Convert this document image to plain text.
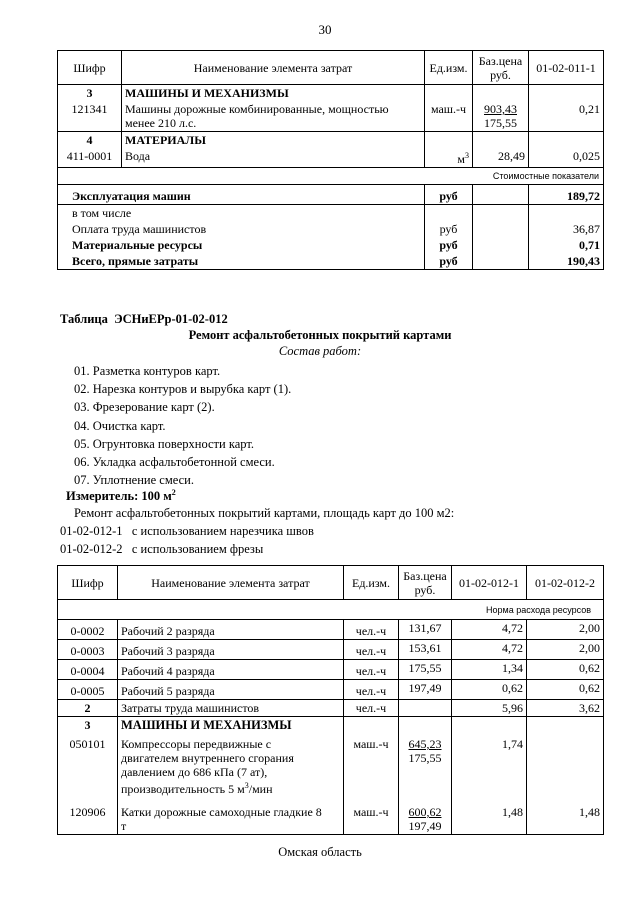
30
Шифр	Наименование элемента затрат	Ед.изм.	Баз.цена
руб.	01-02-011-1
3	МАШИНЫ И МЕХАНИЗМЫ			
121341	Машины дорожные комбинированные, мощностью
менее 210 л.с.	маш.-ч	903,43
175,55	0,21
4	МАТЕРИАЛЫ			
411-0001	Вода	$м^3$	28,49	0,025
Стоимостные показатели				
Эксплуатация машин		руб		189,72
в том числе				
Оплата труда машинистов		руб		36,87
Материальные ресурсы		руб		0,71
Всего, прямые затраты		руб		190,43
Таблица  ЭСНиЕРр-01-02-012
Ремонт асфальтобетонных покрытий картами
Состав работ:
01. Разметка контуров карт.
02. Нарезка контуров и вырубка карт (1).
03. Фрезерование карт (2).
04. Очистка карт.
05. Огрунтовка поверхности карт.
06. Укладка асфальтобетонной смеси.
07. Уплотнение смеси.
Измеритель: 100 $м^2$
Ремонт асфальтобетонных покрытий картами, площадь карт до 100 м2:
01-02-012-1 с использованием нарезчика швов
01-02-012-2 с использованием фрезы
Шифр	Наименование элемента затрат	Ед.изм.	Баз.цена
руб.	01-02-012-1	01-02-012-2
Норма расхода ресурсов					
0-0002	Рабочий 2 разряда	чел.-ч	131,67	4,72	2,00
0-0003	Рабочий 3 разряда	чел.-ч	153,61	4,72	2,00
0-0004	Рабочий 4 разряда	чел.-ч	175,55	1,34	0,62
0-0005	Рабочий 5 разряда	чел.-ч	197,49	0,62	0,62
2	Затраты труда машинистов	чел.-ч		5,96	3,62
3	МАШИНЫ И МЕХАНИЗМЫ				
050101	Компрессоры передвижные с
двигателем внутреннего сгорания
давлением до 686 кПа (7 ат),
производительность 5 $м^3$/мин	маш.-ч	645,23
175,55	1,74	
120906	Катки дорожные самоходные гладкие 8
т	маш.-ч	600,62
197,49	1,48	1,48
Омская область
